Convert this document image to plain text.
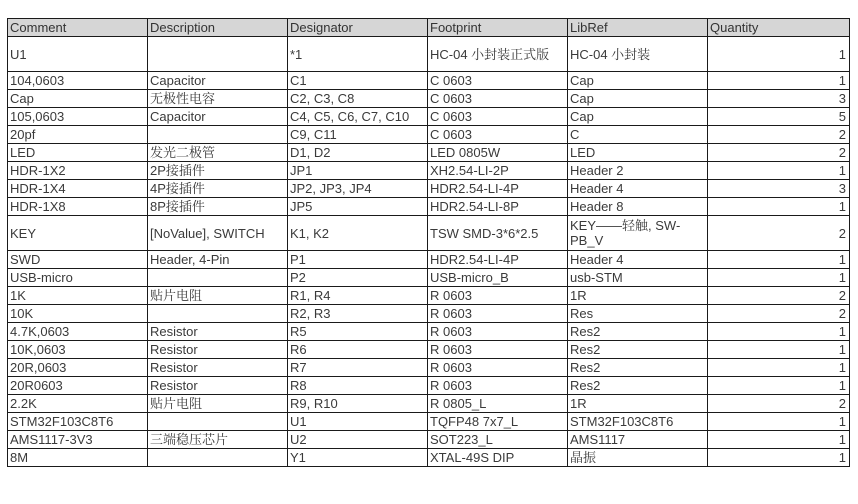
Comment	Description	Designator	Footprint	LibRef	Quantity
U1		*1	HC-04 小封装正式版	HC-04 小封装	1
104,0603	Capacitor	C1	C 0603	Cap	1
Cap	无极性电容	C2, C3, C8	C 0603	Cap	3
105,0603	Capacitor	C4, C5, C6, C7, C10	C 0603	Cap	5
20pf		C9, C11	C 0603	C	2
LED	发光二极管	D1, D2	LED 0805W	LED	2
HDR-1X2	2P接插件	JP1	XH2.54-LI-2P	Header 2	1
HDR-1X4	4P接插件	JP2, JP3, JP4	HDR2.54-LI-4P	Header 4	3
HDR-1X8	8P接插件	JP5	HDR2.54-LI-8P	Header 8	1
KEY	[NoValue], SWITCH	K1, K2	TSW SMD-3*6*2.5	KEY——轻触, SW-PB_V	2
SWD	Header, 4-Pin	P1	HDR2.54-LI-4P	Header 4	1
USB-micro		P2	USB-micro_B	usb-STM	1
1K	贴片电阻	R1, R4	R 0603	1R	2
10K		R2, R3	R 0603	Res	2
4.7K,0603	Resistor	R5	R 0603	Res2	1
10K,0603	Resistor	R6	R 0603	Res2	1
20R,0603	Resistor	R7	R 0603	Res2	1
20R0603	Resistor	R8	R 0603	Res2	1
2.2K	贴片电阻	R9, R10	R 0805_L	1R	2
STM32F103C8T6		U1	TQFP48 7x7_L	STM32F103C8T6	1
AMS1117-3V3	三端稳压芯片	U2	SOT223_L	AMS1117	1
8M		Y1	XTAL-49S DIP	晶振	1
